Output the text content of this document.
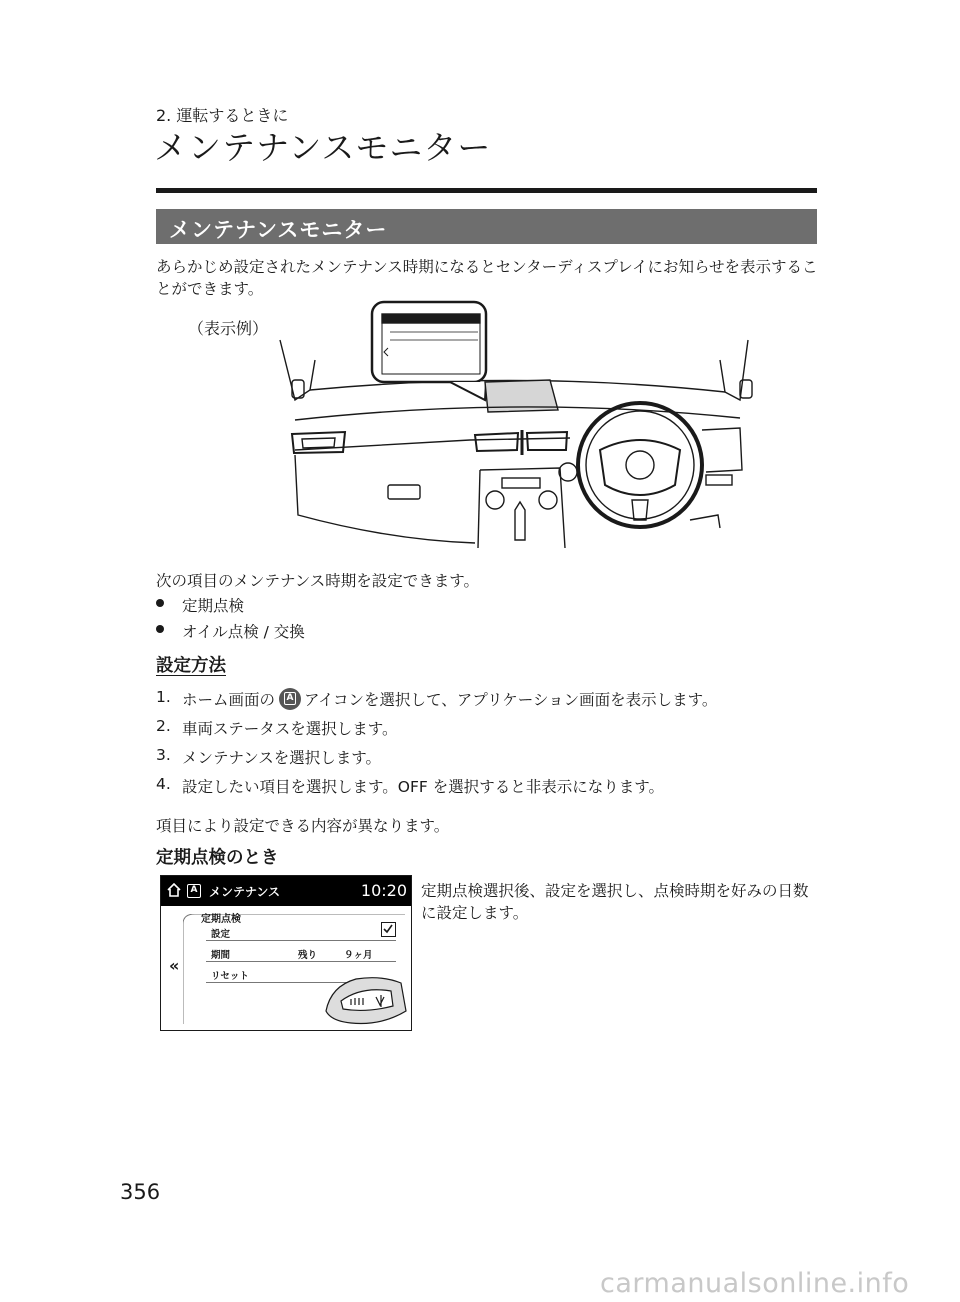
2. 運転するときに
メンテナンスモニター
メンテナンスモニター

あらかじめ設定されたメンテナンス時期になるとセンターディスプレイにお知らせを表示することができます。

（表示例）
次の項目のメンテナンス時期を設定できます。
定期点検
オイル点検 / 交換
設定方法
1. ホーム画面の A アイコンを選択して、アプリケーション画面を表示します。
2. 車両ステータスを選択します。
3. メンテナンスを選択します。
4. 設定したい項目を選択します。OFF を選択すると非表示になります。
項目により設定できる内容が異なります。
定期点検のとき
A メンテナンス	10:20
定期点検
設定
期間	残り	９ヶ月
リセット
«

定期点検選択後、設定を選択し、点検時期を好みの日数に設定します。

356
carmanualsonline.info
